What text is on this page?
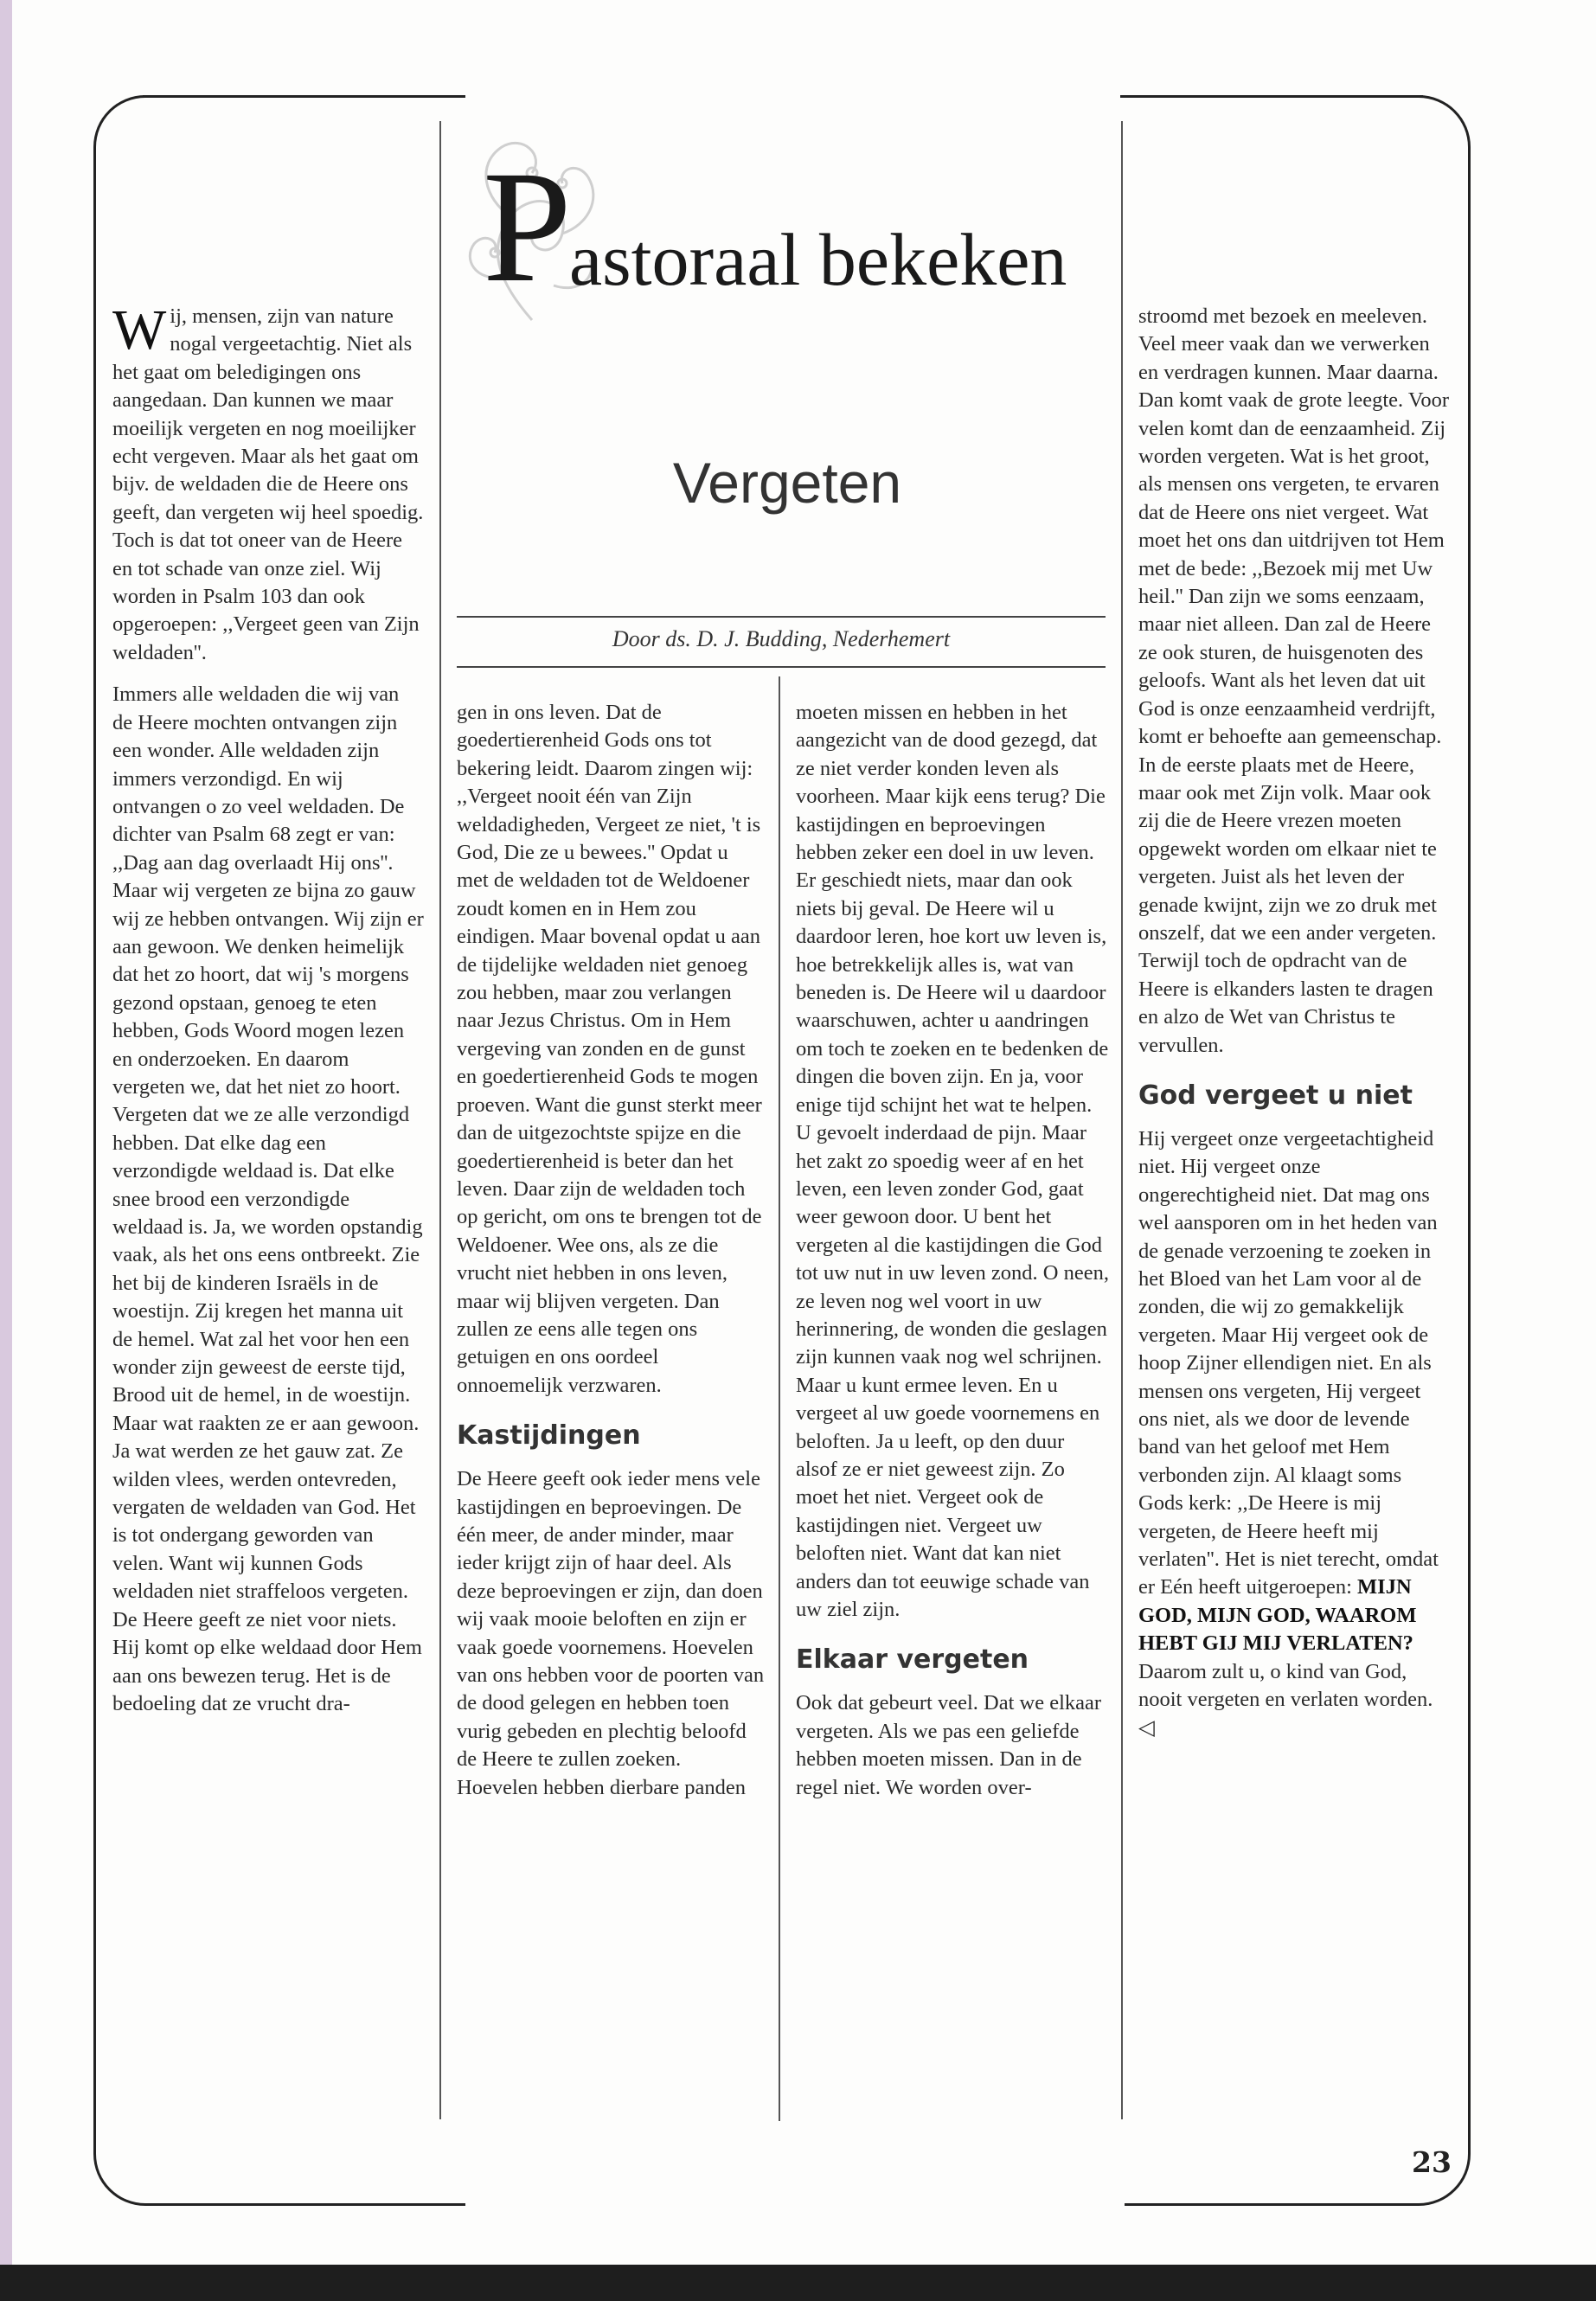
P
astoraal bekeken
Vergeten
Door ds. D. J. Budding, Nederhemert

Wij, mensen, zijn van nature nogal vergeetachtig. Niet als het gaat om beledigingen ons aangedaan. Dan kunnen we maar moeilijk vergeten en nog moeilijker echt vergeven. Maar als het gaat om bijv. de weldaden die de Heere ons geeft, dan vergeten wij heel spoedig. Toch is dat tot oneer van de Heere en tot schade van onze ziel. Wij worden in Psalm 103 dan ook opgeroepen: ,,Vergeet geen van Zijn weldaden''.

Immers alle weldaden die wij van de Heere mochten ontvangen zijn een wonder. Alle weldaden zijn immers verzondigd. En wij ontvangen o zo veel weldaden. De dichter van Psalm 68 zegt er van: ,,Dag aan dag overlaadt Hij ons''. Maar wij vergeten ze bijna zo gauw wij ze hebben ontvangen. Wij zijn er aan gewoon. We denken heimelijk dat het zo hoort, dat wij 's morgens gezond opstaan, genoeg te eten hebben, Gods Woord mogen lezen en onderzoeken. En daarom vergeten we, dat het niet zo hoort. Vergeten dat we ze alle verzondigd hebben. Dat elke dag een verzondigde weldaad is. Dat elke snee brood een verzondigde weldaad is. Ja, we worden opstandig vaak, als het ons eens ontbreekt. Zie het bij de kinderen Israëls in de woestijn. Zij kregen het manna uit de hemel. Wat zal het voor hen een wonder zijn geweest de eerste tijd, Brood uit de hemel, in de woestijn. Maar wat raakten ze er aan gewoon. Ja wat werden ze het gauw zat. Ze wilden vlees, werden ontevreden, vergaten de weldaden van God. Het is tot ondergang geworden van velen. Want wij kunnen Gods weldaden niet straffeloos vergeten. De Heere geeft ze niet voor niets. Hij komt op elke weldaad door Hem aan ons bewezen terug. Het is de bedoeling dat ze vrucht dra-

gen in ons leven. Dat de goedertierenheid Gods ons tot bekering leidt. Daarom zingen wij: ,,Vergeet nooit één van Zijn weldadigheden, Vergeet ze niet, 't is God, Die ze u bewees.'' Opdat u met de weldaden tot de Weldoener zoudt komen en in Hem zou eindigen. Maar bovenal opdat u aan de tijdelijke weldaden niet genoeg zou hebben, maar zou verlangen naar Jezus Christus. Om in Hem vergeving van zonden en de gunst en goedertierenheid Gods te mogen proeven. Want die gunst sterkt meer dan de uitgezochtste spijze en die goedertierenheid is beter dan het leven. Daar zijn de weldaden toch op gericht, om ons te brengen tot de Weldoener. Wee ons, als ze die vrucht niet hebben in ons leven, maar wij blijven vergeten. Dan zullen ze eens alle tegen ons getuigen en ons oordeel onnoemelijk verzwaren.

Kastijdingen

De Heere geeft ook ieder mens vele kastijdingen en beproevingen. De één meer, de ander minder, maar ieder krijgt zijn of haar deel. Als deze beproevingen er zijn, dan doen wij vaak mooie beloften en zijn er vaak goede voornemens. Hoevelen van ons hebben voor de poorten van de dood gelegen en hebben toen vurig gebeden en plechtig beloofd de Heere te zullen zoeken. Hoevelen hebben dierbare panden

moeten missen en hebben in het aangezicht van de dood gezegd, dat ze niet verder konden leven als voorheen. Maar kijk eens terug? Die kastijdingen en beproevingen hebben zeker een doel in uw leven. Er geschiedt niets, maar dan ook niets bij geval. De Heere wil u daardoor leren, hoe kort uw leven is, hoe betrekkelijk alles is, wat van beneden is. De Heere wil u daardoor waarschuwen, achter u aandringen om toch te zoeken en te bedenken de dingen die boven zijn. En ja, voor enige tijd schijnt het wat te helpen. U gevoelt inderdaad de pijn. Maar het zakt zo spoedig weer af en het leven, een leven zonder God, gaat weer gewoon door. U bent het vergeten al die kastijdingen die God tot uw nut in uw leven zond. O neen, ze leven nog wel voort in uw herinnering, de wonden die geslagen zijn kunnen vaak nog wel schrijnen. Maar u kunt ermee leven. En u vergeet al uw goede voornemens en beloften. Ja u leeft, op den duur alsof ze er niet geweest zijn. Zo moet het niet. Vergeet ook de kastijdingen niet. Vergeet uw beloften niet. Want dat kan niet anders dan tot eeuwige schade van uw ziel zijn.

Elkaar vergeten

Ook dat gebeurt veel. Dat we elkaar vergeten. Als we pas een geliefde hebben moeten missen. Dan in de regel niet. We worden over-

stroomd met bezoek en meeleven. Veel meer vaak dan we verwerken en verdragen kunnen. Maar daarna. Dan komt vaak de grote leegte. Voor velen komt dan de eenzaamheid. Zij worden vergeten. Wat is het groot, als mensen ons vergeten, te ervaren dat de Heere ons niet vergeet. Wat moet het ons dan uitdrijven tot Hem met de bede: ,,Bezoek mij met Uw heil.'' Dan zijn we soms eenzaam, maar niet alleen. Dan zal de Heere ze ook sturen, de huisgenoten des geloofs. Want als het leven dat uit God is onze eenzaamheid verdrijft, komt er behoefte aan gemeenschap. In de eerste plaats met de Heere, maar ook met Zijn volk. Maar ook zij die de Heere vrezen moeten opgewekt worden om elkaar niet te vergeten. Juist als het leven der genade kwijnt, zijn we zo druk met onszelf, dat we een ander vergeten. Terwijl toch de opdracht van de Heere is elkanders lasten te dragen en alzo de Wet van Christus te vervullen.

God vergeet u niet

Hij vergeet onze vergeetachtigheid niet. Hij vergeet onze ongerechtigheid niet. Dat mag ons wel aansporen om in het heden van de genade verzoening te zoeken in het Bloed van het Lam voor al de zonden, die wij zo gemakkelijk vergeten. Maar Hij vergeet ook de hoop Zijner ellendigen niet. En als mensen ons vergeten, Hij vergeet ons niet, als we door de levende band van het geloof met Hem verbonden zijn. Al klaagt soms Gods kerk: ,,De Heere is mij vergeten, de Heere heeft mij verlaten''. Het is niet terecht, omdat er Eén heeft uitgeroepen: MIJN GOD, MIJN GOD, WAAROM HEBT GIJ MIJ VERLATEN? Daarom zult u, o kind van God, nooit vergeten en verlaten worden. ◁

23
